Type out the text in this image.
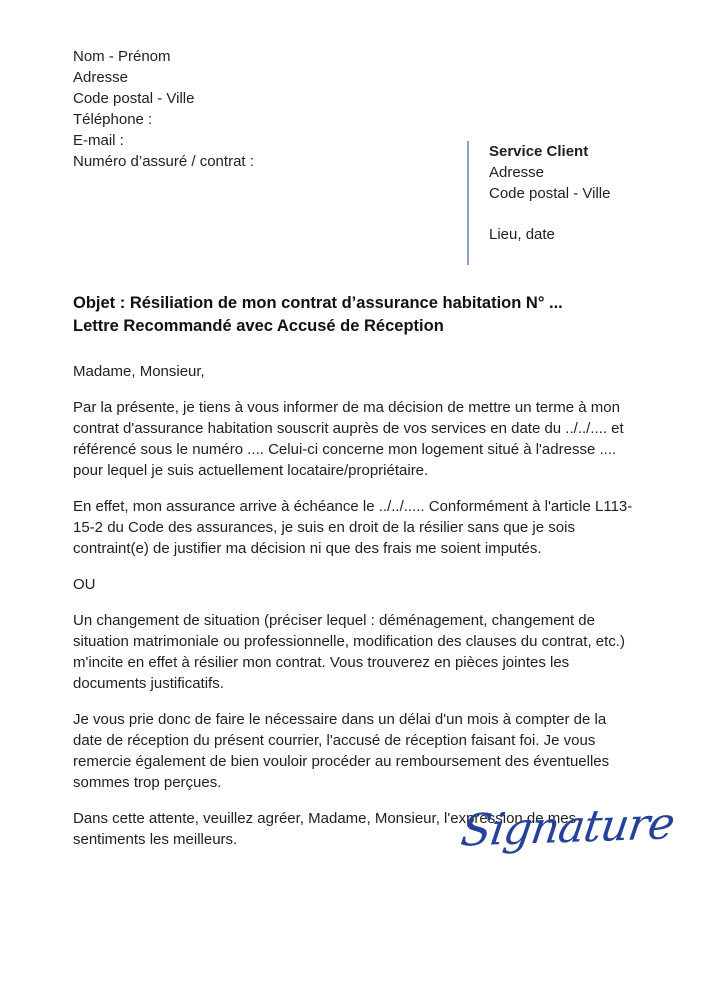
Nom - Prénom
Adresse
Code postal - Ville
Téléphone :
E-mail :
Numéro d’assuré / contrat :
Service Client
Adresse
Code postal - Ville
Lieu, date
Objet : Résiliation de mon contrat d’assurance habitation N° ...
Lettre Recommandé avec Accusé de Réception

Madame, Monsieur,

Par la présente, je tiens à vous informer de ma décision de mettre un terme à mon contrat d'assurance habitation souscrit auprès de vos services en date du ../../.... et référencé sous le numéro .... Celui-ci concerne mon logement situé à l'adresse .... pour lequel je suis actuellement locataire/propriétaire.

En effet, mon assurance arrive à échéance le ../../..... Conformément à l'article L113-15-2 du Code des assurances, je suis en droit de la résilier sans que je sois contraint(e) de justifier ma décision ni que des frais me soient imputés.

OU

Un changement de situation (préciser lequel : déménagement, changement de situation matrimoniale ou professionnelle, modification des clauses du contrat, etc.) m'incite en effet à résilier mon contrat. Vous trouverez en pièces jointes les documents justificatifs.

Je vous prie donc de faire le nécessaire dans un délai d'un mois à compter de la date de réception du présent courrier, l'accusé de réception faisant foi. Je vous remercie également de bien vouloir procéder au remboursement des éventuelles sommes trop perçues.

Dans cette attente, veuillez agréer, Madame, Monsieur, l'expression de mes sentiments les meilleurs.	Signature
